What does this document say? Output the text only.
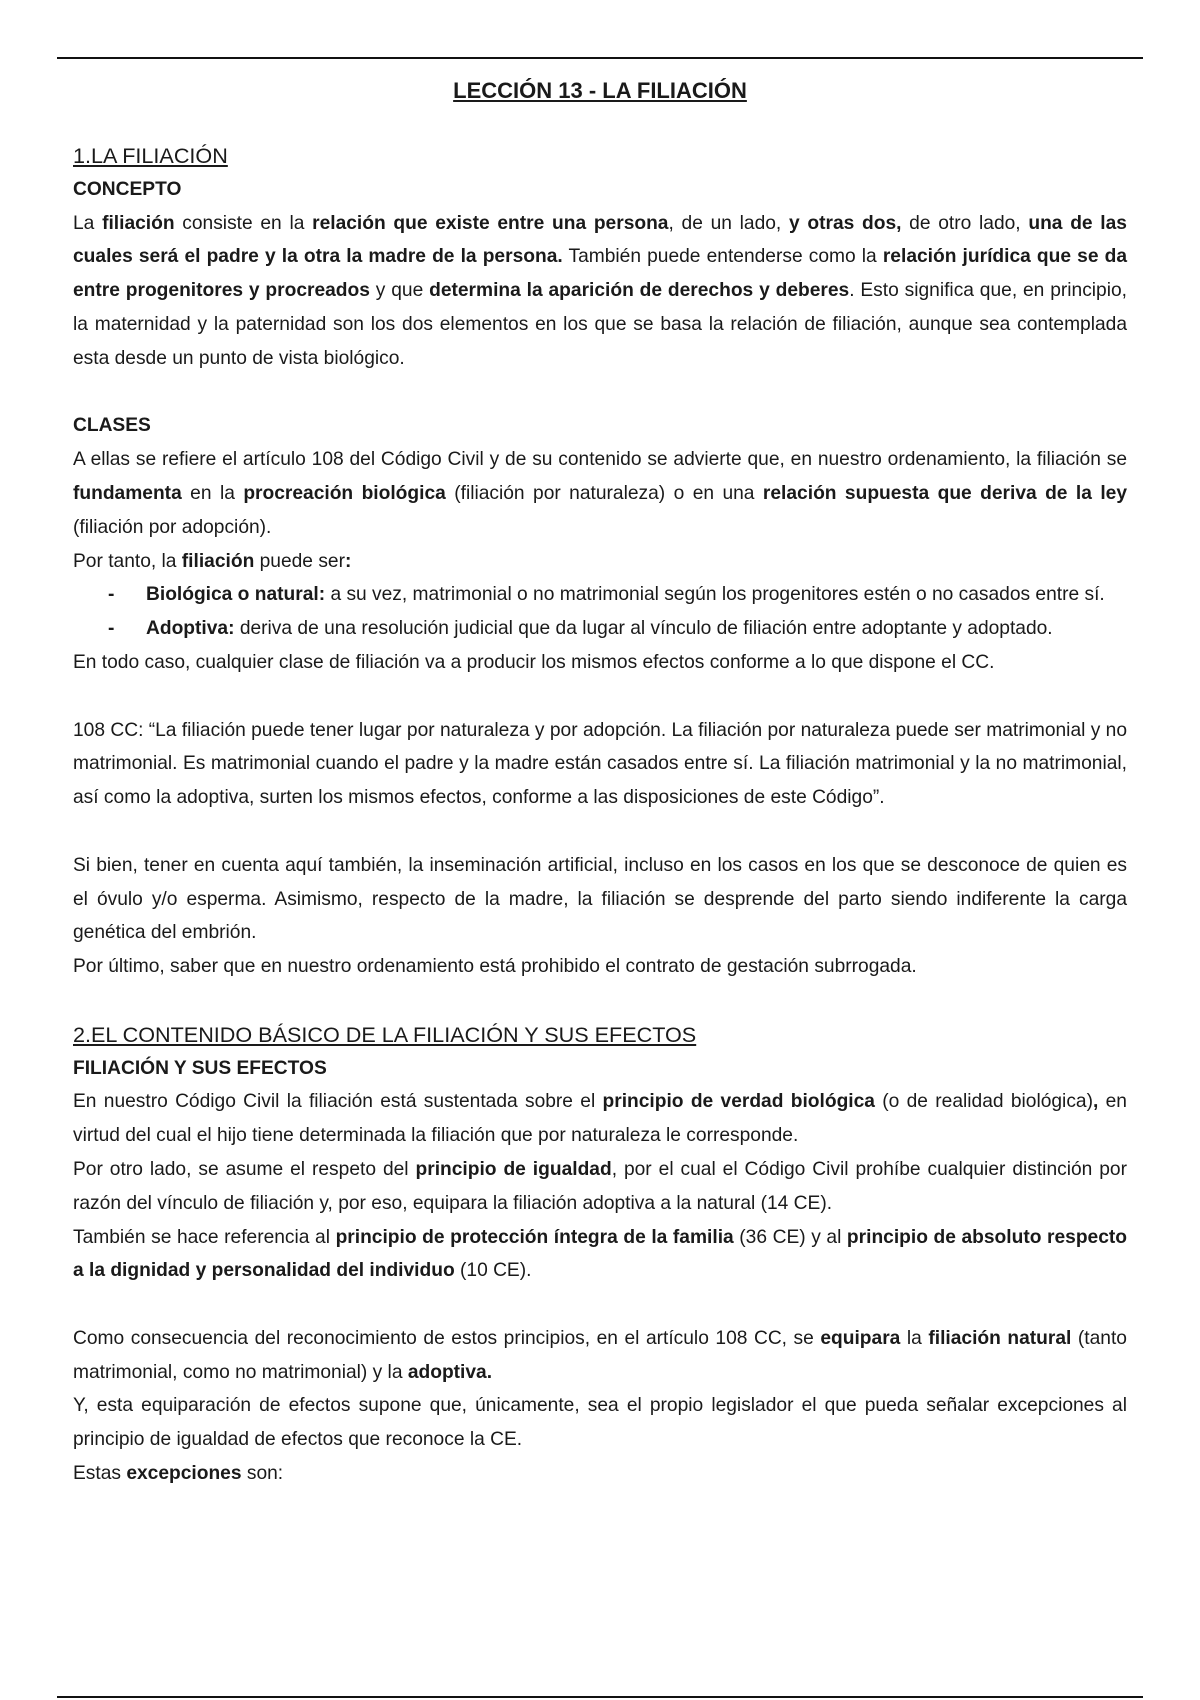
LECCIÓN 13 - LA FILIACIÓN
1.LA FILIACIÓN
CONCEPTO

La filiación consiste en la relación que existe entre una persona, de un lado, y otras dos, de otro lado, una de las cuales será el padre y la otra la madre de la persona. También puede entenderse como la relación jurídica que se da entre progenitores y procreados y que determina la aparición de derechos y deberes. Esto significa que, en principio, la maternidad y la paternidad son los dos elementos en los que se basa la relación de filiación, aunque sea contemplada esta desde un punto de vista biológico.

CLASES

A ellas se refiere el artículo 108 del Código Civil y de su contenido se advierte que, en nuestro ordenamiento, la filiación se fundamenta en la procreación biológica (filiación por naturaleza) o en una relación supuesta que deriva de la ley (filiación por adopción).

Por tanto, la filiación puede ser:

- Biológica o natural: a su vez, matrimonial o no matrimonial según los progenitores estén o no casados entre sí.
- Adoptiva: deriva de una resolución judicial que da lugar al vínculo de filiación entre adoptante y adoptado.

En todo caso, cualquier clase de filiación va a producir los mismos efectos conforme a lo que dispone el CC.

108 CC: “La filiación puede tener lugar por naturaleza y por adopción. La filiación por naturaleza puede ser matrimonial y no matrimonial. Es matrimonial cuando el padre y la madre están casados entre sí. La filiación matrimonial y la no matrimonial, así como la adoptiva, surten los mismos efectos, conforme a las disposiciones de este Código”.

Si bien, tener en cuenta aquí también, la inseminación artificial, incluso en los casos en los que se desconoce de quien es el óvulo y/o esperma. Asimismo, respecto de la madre, la filiación se desprende del parto siendo indiferente la carga genética del embrión.

Por último, saber que en nuestro ordenamiento está prohibido el contrato de gestación subrrogada.

2.EL CONTENIDO BÁSICO DE LA FILIACIÓN Y SUS EFECTOS
FILIACIÓN Y SUS EFECTOS

En nuestro Código Civil la filiación está sustentada sobre el principio de verdad biológica (o de realidad biológica), en virtud del cual el hijo tiene determinada la filiación que por naturaleza le corresponde.

Por otro lado, se asume el respeto del principio de igualdad, por el cual el Código Civil prohíbe cualquier distinción por razón del vínculo de filiación y, por eso, equipara la filiación adoptiva a la natural (14 CE).

También se hace referencia al principio de protección íntegra de la familia (36 CE) y al principio de absoluto respecto a la dignidad y personalidad del individuo (10 CE).

Como consecuencia del reconocimiento de estos principios, en el artículo 108 CC, se equipara la filiación natural (tanto matrimonial, como no matrimonial) y la adoptiva.

Y, esta equiparación de efectos supone que, únicamente, sea el propio legislador el que pueda señalar excepciones al principio de igualdad de efectos que reconoce la CE.

Estas excepciones son:
